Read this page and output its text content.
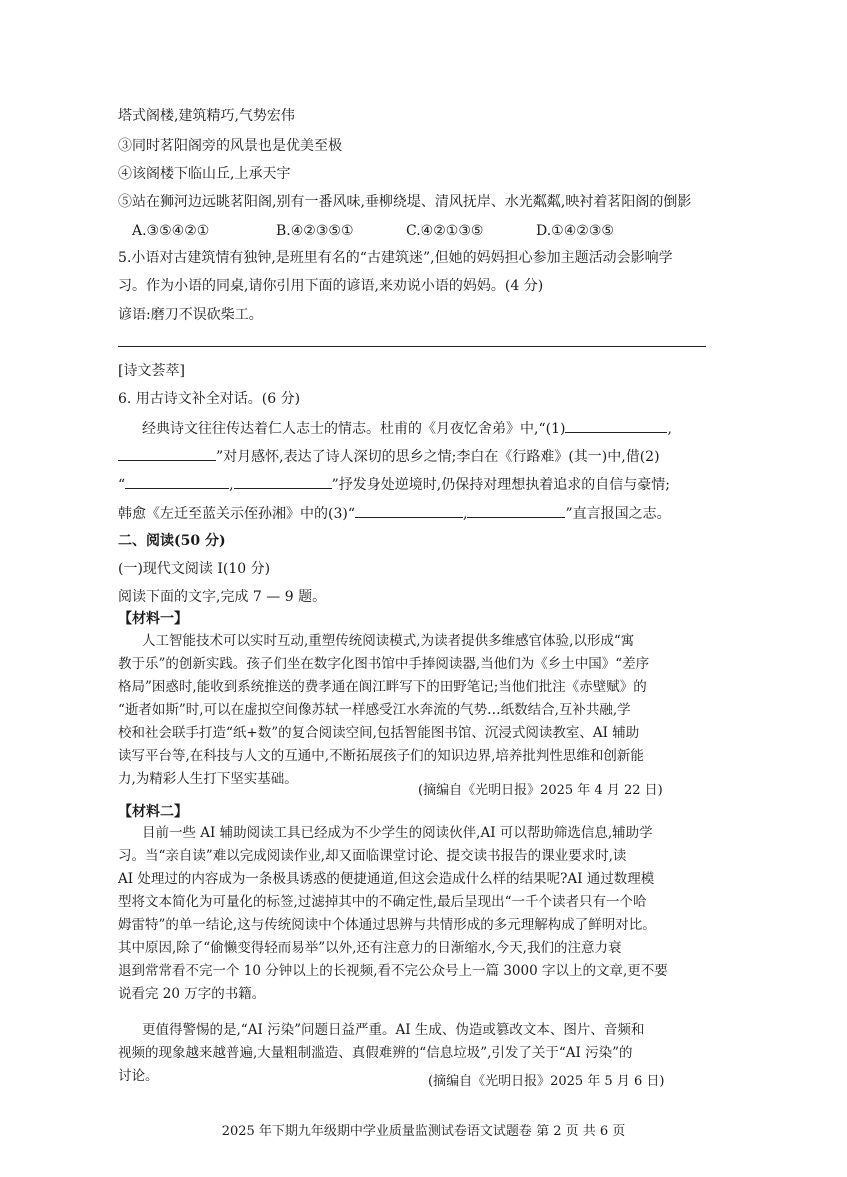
塔式阁楼,建筑精巧,气势宏伟
③同时茗阳阁旁的风景也是优美至极
④该阁楼下临山丘,上承天宇
⑤站在狮河边远眺茗阳阁,别有一番风味,垂柳绕堤、清风抚岸、水光粼粼,映衬着茗阳阁的倒影
A.③⑤④②①	B.④②③⑤①	C.④②①③⑤	D.①④②③⑤
5.小语对古建筑情有独钟,是班里有名的“古建筑迷”,但她的妈妈担心参加主题活动会影响学
习。作为小语的同桌,请你引用下面的谚语,来劝说小语的妈妈。(4 分)
谚语:磨刀不误砍柴工。
[诗文荟萃]
6. 用古诗文补全对话。(6 分)
经典诗文往往传达着仁人志士的情志。杜甫的《月夜忆舍弟》中,“(1)	,
”对月感怀,表达了诗人深切的思乡之情;李白在《行路难》(其一)中,借(2)
“	,	”抒发身处逆境时,仍保持对理想执着追求的自信与豪情;
韩愈《左迁至蓝关示侄孙湘》中的(3)“	,	”直言报国之志。
二、阅读(50 分)
(一)现代文阅读 I(10 分)
阅读下面的文字,完成 7 — 9 题。
【材料一】
人工智能技术可以实时互动,重塑传统阅读模式,为读者提供多维感官体验,以形成“寓
教于乐”的创新实践。孩子们坐在数字化图书馆中手捧阅读器,当他们为《乡土中国》“差序
格局”困惑时,能收到系统推送的费孝通在阆江畔写下的田野笔记;当他们批注《赤壁赋》的
“逝者如斯”时,可以在虚拟空间像苏轼一样感受江水奔流的气势…纸数结合,互补共融,学
校和社会联手打造“纸+数”的复合阅读空间,包括智能图书馆、沉浸式阅读教室、AI 辅助
读写平台等,在科技与人文的互通中,不断拓展孩子们的知识边界,培养批判性思维和创新能
力,为精彩人生打下坚实基础。
(摘编自《光明日报》2025 年 4 月 22 日)
【材料二】
目前一些 AI 辅助阅读工具已经成为不少学生的阅读伙伴,AI 可以帮助筛选信息,辅助学
习。当“亲自读”难以完成阅读作业,却又面临课堂讨论、提交读书报告的课业要求时,读
AI 处理过的内容成为一条极具诱惑的便捷通道,但这会造成什么样的结果呢?AI 通过数理模
型将文本简化为可量化的标签,过滤掉其中的不确定性,最后呈现出“一千个读者只有一个哈
姆雷特”的单一结论,这与传统阅读中个体通过思辨与共情形成的多元理解构成了鲜明对比。
其中原因,除了“偷懒变得轻而易举”以外,还有注意力的日渐缩水,今天,我们的注意力衰
退到常常看不完一个 10 分钟以上的长视频,看不完公众号上一篇 3000 字以上的文章,更不要
说看完 20 万字的书籍。
更值得警惕的是,“AI 污染”问题日益严重。AI 生成、伪造或篡改文本、图片、音频和
视频的现象越来越普遍,大量粗制滥造、真假难辨的“信息垃圾”,引发了关于“AI 污染”的
讨论。	(摘编自《光明日报》2025 年 5 月 6 日)
2025 年下期九年级期中学业质量监测试卷语文试题卷 第 2 页 共 6 页
